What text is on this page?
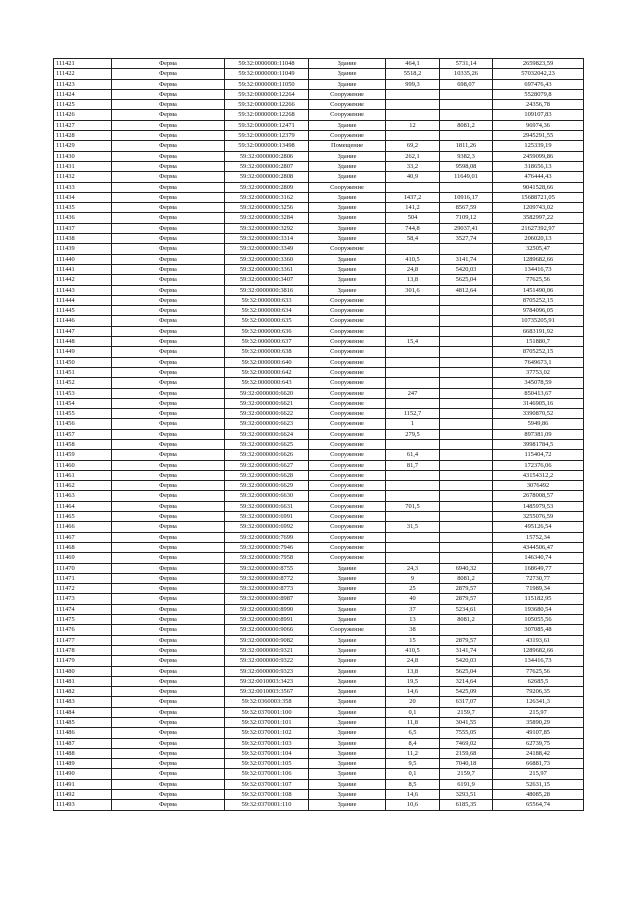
111421	Ферма	59:32:0000000:11048	Здание	464,1	5731,14	2659823,59
111422	Ферма	59:32:0000000:11049	Здание	5518,2	10335,26	57032042,23
111423	Ферма	59:32:0000000:11050	Здание	999,3	698,07	697476,43
111424	Ферма	59:32:0000000:12264	Сооружение			5528079,8
111425	Ферма	59:32:0000000:12266	Сооружение			24356,78
111426	Ферма	59:32:0000000:12268	Сооружение			109107,83
111427	Ферма	59:32:0000000:12471	Здание	12	8081,2	96974,36
111428	Ферма	59:32:0000000:12379	Сооружение			2945291,55
111429	Ферма	59:32:0000000:13498	Помещение	69,2	1811,26	125339,19
111430	Ферма	59:32:0000000:2806	Здание	262,1	9382,3	2459099,86
111431	Ферма	59:32:0000000:2807	Здание	33,2	9598,08	318656,13
111432	Ферма	59:32:0000000:2808	Здание	40,9	11649,01	476444,43
111433	Ферма	59:32:0000000:2809	Сооружение			9041528,66
111434	Ферма	59:32:0000000:3162	Здание	1437,2	10916,17	15688721,05
111435	Ферма	59:32:0000000:3256	Здание	141,2	8567,59	1209743,02
111436	Ферма	59:32:0000000:3284	Здание	504	7109,12	3582997,22
111437	Ферма	59:32:0000000:3292	Здание	744,8	29037,41	21627392,97
111438	Ферма	59:32:0000000:3314	Здание	58,4	3527,74	206020,13
111439	Ферма	59:32:0000000:3349	Сооружение			32505,47
111440	Ферма	59:32:0000000:3360	Здание	410,5	3141,74	1289682,66
111441	Ферма	59:32:0000000:3361	Здание	24,8	5420,03	134416,73
111442	Ферма	59:32:0000000:3407	Здание	13,8	5625,04	77625,56
111443	Ферма	59:32:0000000:3816	Здание	301,6	4812,64	1451490,06
111444	Ферма	59:32:0000000:633	Сооружение			8705252,15
111445	Ферма	59:32:0000000:634	Сооружение			9784096,05
111446	Ферма	59:32:0000000:635	Сооружение			10735205,91
111447	Ферма	59:32:0000000:636	Сооружение			6683191,92
111448	Ферма	59:32:0000000:637	Сооружение	15,4		151880,7
111449	Ферма	59:32:0000000:638	Сооружение			8705252,15
111450	Ферма	59:32:0000000:640	Сооружение			7649673,1
111451	Ферма	59:32:0000000:642	Сооружение			37753,02
111452	Ферма	59:32:0000000:643	Сооружение			345078,59
111453	Ферма	59:32:0000000:6620	Сооружение	247		850413,67
111454	Ферма	59:32:0000000:6621	Сооружение			3146905,16
111455	Ферма	59:32:0000000:6622	Сооружение	1152,7		3390870,52
111456	Ферма	59:32:0000000:6623	Сооружение	1		5949,86
111457	Ферма	59:32:0000000:6624	Сооружение	279,5		897381,09
111458	Ферма	59:32:0000000:6625	Сооружение			39981784,5
111459	Ферма	59:32:0000000:6626	Сооружение	61,4		115404,72
111460	Ферма	59:32:0000000:6627	Сооружение	81,7		172376,06
111461	Ферма	59:32:0000000:6628	Сооружение			43154312,2
111462	Ферма	59:32:0000000:6629	Сооружение			3076492
111463	Ферма	59:32:0000000:6630	Сооружение			2678008,57
111464	Ферма	59:32:0000000:6631	Сооружение	701,5		1485979,53
111465	Ферма	59:32:0000000:6991	Сооружение			3255076,59
111466	Ферма	59:32:0000000:6992	Сооружение	31,5		495126,54
111467	Ферма	59:32:0000000:7699	Сооружение			15752,34
111468	Ферма	59:32:0000000:7946	Сооружение			4344506,47
111469	Ферма	59:32:0000000:7958	Сооружение			146340,74
111470	Ферма	59:32:0000000:8755	Здание	24,3	6940,32	168649,77
111471	Ферма	59:32:0000000:8772	Здание	9	8081,2	72730,77
111472	Ферма	59:32:0000000:8773	Здание	25	2879,57	71989,34
111473	Ферма	59:32:0000000:8987	Здание	40	2879,57	115182,95
111474	Ферма	59:32:0000000:8990	Здание	37	5234,61	193680,54
111475	Ферма	59:32:0000000:8991	Здание	13	8081,2	105055,56
111476	Ферма	59:32:0000000:9066	Сооружение	38		307085,48
111477	Ферма	59:32:0000000:9082	Здание	15	2879,57	43193,61
111478	Ферма	59:32:0000000:9321	Здание	410,5	3141,74	1289682,66
111479	Ферма	59:32:0000000:9322	Здание	24,8	5420,03	134416,73
111480	Ферма	59:32:0000000:9323	Здание	13,8	5625,04	77625,56
111481	Ферма	59:32:0010003:3423	Здание	19,5	3214,64	62685,5
111482	Ферма	59:32:0010003:3567	Здание	14,6	5425,09	79206,35
111483	Ферма	59:32:0360003:358	Здание	20	6317,07	126341,3
111484	Ферма	59:32:0370001:100	Здание	0,1	2159,7	215,97
111485	Ферма	59:32:0370001:101	Здание	11,8	3041,55	35890,29
111486	Ферма	59:32:0370001:102	Здание	6,5	7555,05	49107,85
111487	Ферма	59:32:0370001:103	Здание	8,4	7469,02	62739,75
111488	Ферма	59:32:0370001:104	Здание	11,2	2159,68	24188,42
111489	Ферма	59:32:0370001:105	Здание	9,5	7040,18	66881,73
111490	Ферма	59:32:0370001:106	Здание	0,1	2159,7	215,97
111491	Ферма	59:32:0370001:107	Здание	8,5	6191,9	52631,15
111492	Ферма	59:32:0370001:108	Здание	14,6	3293,51	48085,28
111493	Ферма	59:32:0370001:110	Здание	10,6	6185,35	65564,74
